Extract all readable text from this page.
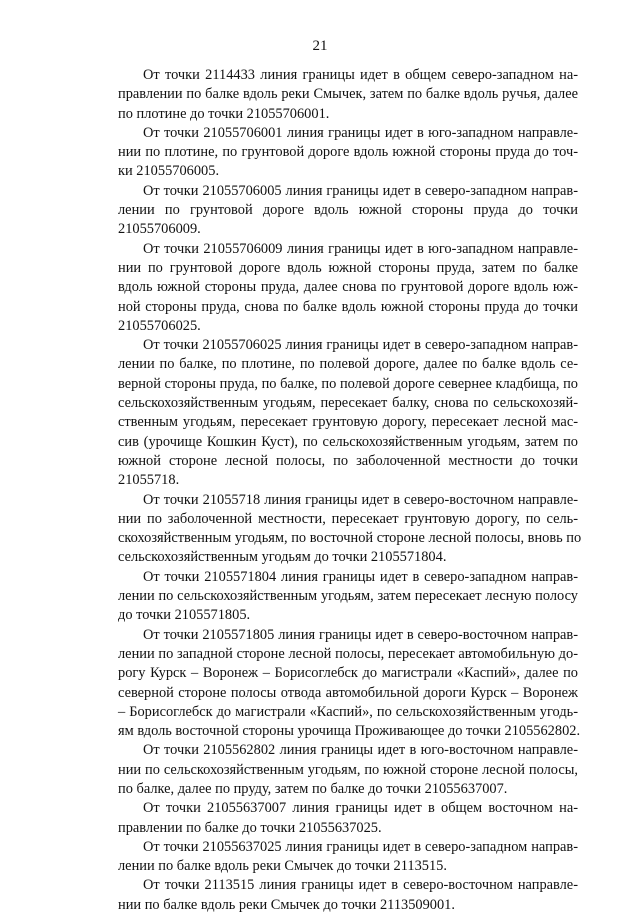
21
От точки 2114433 линия границы идет в общем северо-западном на-
правлении по балке вдоль реки Смычек, затем по балке вдоль ручья, далее
по плотине до точки 21055706001.
От точки 21055706001 линия границы идет в юго-западном направле-
нии по плотине, по грунтовой дороге вдоль южной стороны пруда до точ-
ки 21055706005.
От точки 21055706005 линия границы идет в северо-западном направ-
лении по грунтовой дороге вдоль южной стороны пруда до точки
21055706009.
От точки 21055706009 линия границы идет в юго-западном направле-
нии по грунтовой дороге вдоль южной стороны пруда, затем по балке
вдоль южной стороны пруда, далее снова по грунтовой дороге вдоль юж-
ной стороны пруда, снова по балке вдоль южной стороны пруда до точки
21055706025.
От точки 21055706025 линия границы идет в северо-западном направ-
лении по балке, по плотине, по полевой дороге, далее по балке вдоль се-
верной стороны пруда, по балке, по полевой дороге севернее кладбища, по
сельскохозяйственным угодьям, пересекает балку, снова по сельскохозяй-
ственным угодьям, пересекает грунтовую дорогу, пересекает лесной мас-
сив (урочище Кошкин Куст), по сельскохозяйственным угодьям, затем по
южной стороне лесной полосы, по заболоченной местности до точки
21055718.
От точки 21055718 линия границы идет в северо-восточном направле-
нии по заболоченной местности, пересекает грунтовую дорогу, по сель-
скохозяйственным угодьям, по восточной стороне лесной полосы, вновь по
сельскохозяйственным угодьям до точки 2105571804.
От точки 2105571804 линия границы идет в северо-западном направ-
лении по сельскохозяйственным угодьям, затем пересекает лесную полосу
до точки 2105571805.
От точки 2105571805 линия границы идет в северо-восточном направ-
лении по западной стороне лесной полосы, пересекает автомобильную до-
рогу Курск – Воронеж – Борисоглебск до магистрали «Каспий», далее по
северной стороне полосы отвода автомобильной дороги Курск – Воронеж
– Борисоглебск до магистрали «Каспий», по сельскохозяйственным угодь-
ям вдоль восточной стороны урочища Проживающее до точки 2105562802.
От точки 2105562802 линия границы идет в юго-восточном направле-
нии по сельскохозяйственным угодьям, по южной стороне лесной полосы,
по балке, далее по пруду, затем по балке до точки 21055637007.
От точки 21055637007 линия границы идет в общем восточном на-
правлении по балке до точки 21055637025.
От точки 21055637025 линия границы идет в северо-западном направ-
лении по балке вдоль реки Смычек до точки 2113515.
От точки 2113515 линия границы идет в северо-восточном направле-
нии по балке вдоль реки Смычек до точки 2113509001.
